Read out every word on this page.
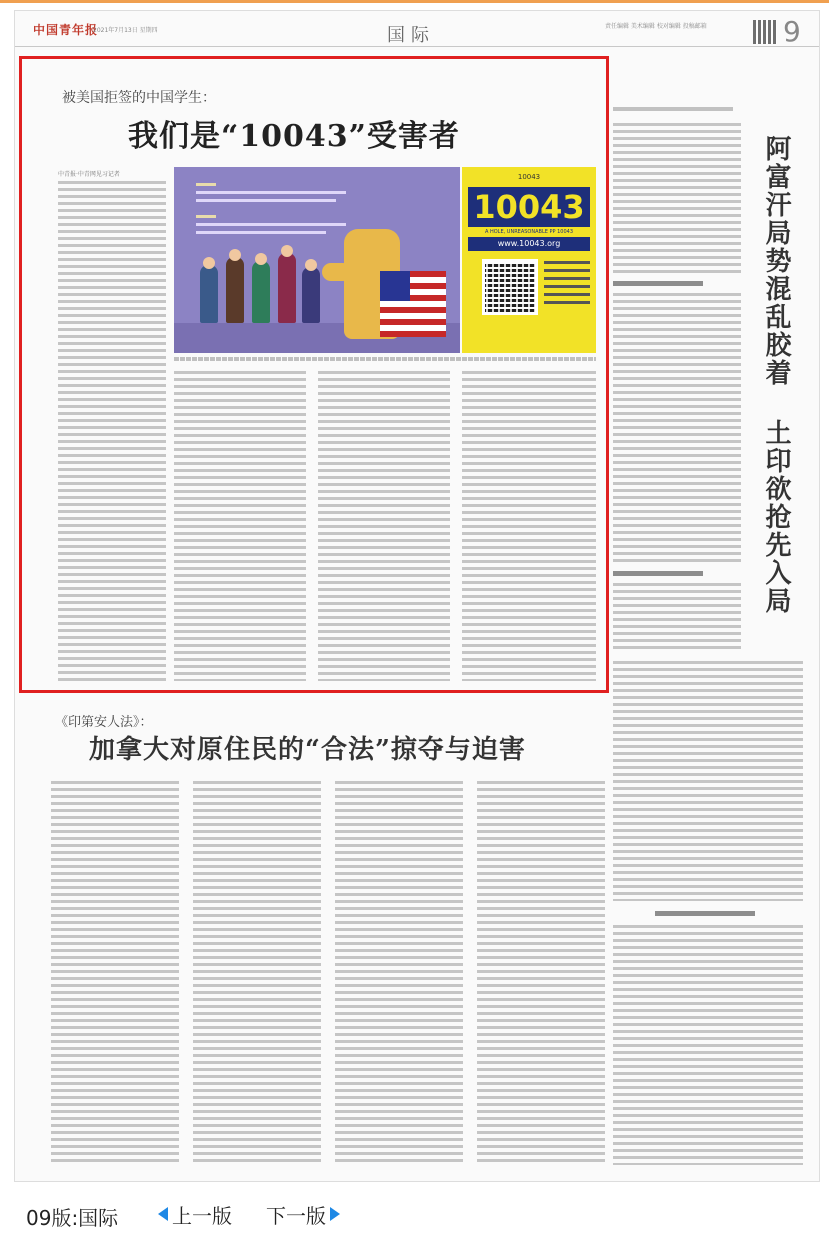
中国青年报
2021年7月13日 星期四	国际	责任编辑 美术编辑 校对编辑 投稿邮箱	9
被美国拒签的中国学生：
我们是“10043”受害者
中青报·中青网见习记者	10043
10043
A HOLE, UNREASONABLE PP 10043
www.10043.org	阿富汗局势混乱胶着 土印欲抢先入局
《印第安人法》：
加拿大对原住民的“合法”掠夺与迫害
09版:国际	上一版 下一版
